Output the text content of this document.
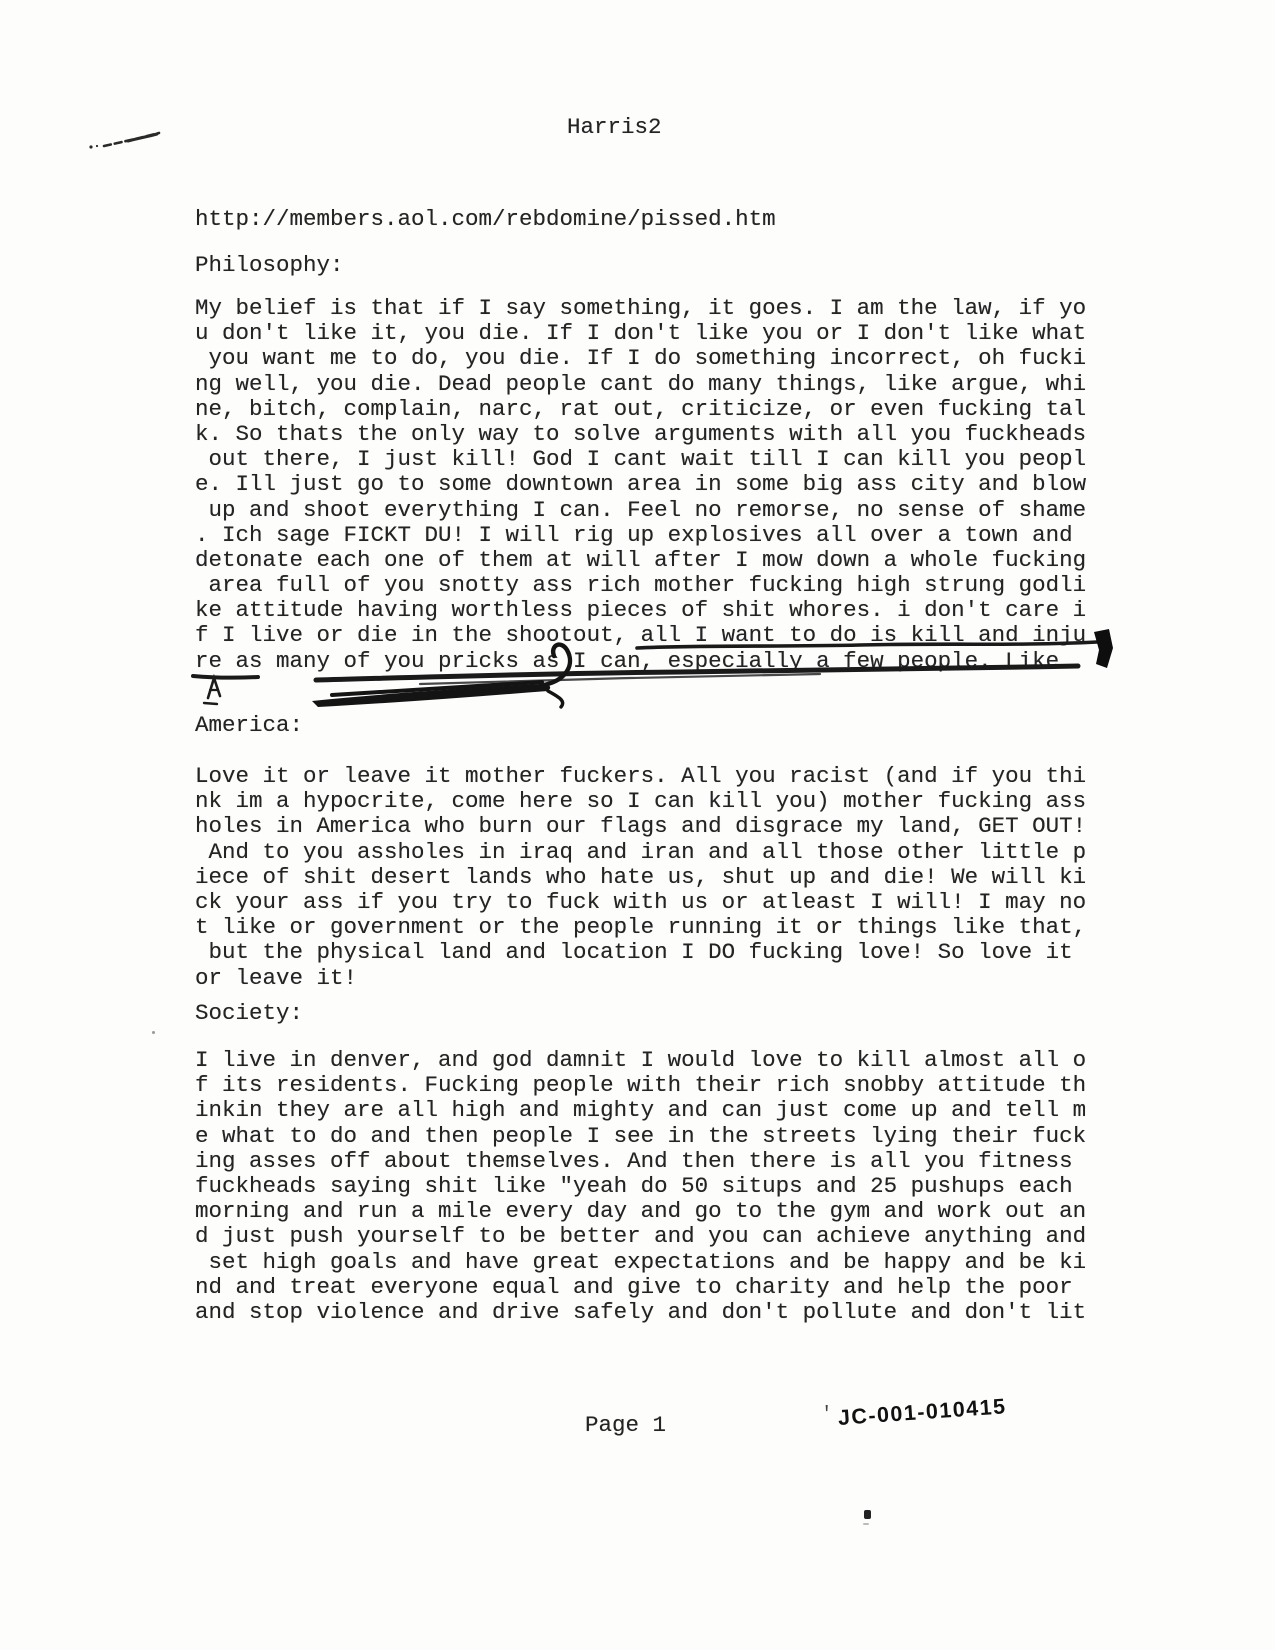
Harris2
http://members.aol.com/rebdomine/pissed.htm
Philosophy:
My belief is that if I say something, it goes. I am the law, if yo
u don't like it, you die. If I don't like you or I don't like what
you want me to do, you die. If I do something incorrect, oh fucki
ng well, you die. Dead people cant do many things, like argue, whi
ne, bitch, complain, narc, rat out, criticize, or even fucking tal
k. So thats the only way to solve arguments with all you fuckheads
out there, I just kill! God I cant wait till I can kill you peopl
e. Ill just go to some downtown area in some big ass city and blow
up and shoot everything I can. Feel no remorse, no sense of shame
. Ich sage FICKT DU! I will rig up explosives all over a town and
detonate each one of them at will after I mow down a whole fucking
area full of you snotty ass rich mother fucking high strung godli
ke attitude having worthless pieces of shit whores. i don't care i
f I live or die in the shootout, all I want to do is kill and inju
re as many of you pricks as I can, especially a few people. Like
America:
Love it or leave it mother fuckers. All you racist (and if you thi
nk im a hypocrite, come here so I can kill you) mother fucking ass
holes in America who burn our flags and disgrace my land, GET OUT!
And to you assholes in iraq and iran and all those other little p
iece of shit desert lands who hate us, shut up and die! We will ki
ck your ass if you try to fuck with us or atleast I will! I may no
t like or government or the people running it or things like that,
but the physical land and location I DO fucking love! So love it
or leave it!
Society:
I live in denver, and god damnit I would love to kill almost all o
f its residents. Fucking people with their rich snobby attitude th
inkin they are all high and mighty and can just come up and tell m
e what to do and then people I see in the streets lying their fuck
ing asses off about themselves. And then there is all you fitness
fuckheads saying shit like "yeah do 50 situps and 25 pushups each
morning and run a mile every day and go to the gym and work out an
d just push yourself to be better and you can achieve anything and
set high goals and have great expectations and be happy and be ki
nd and treat everyone equal and give to charity and help the poor
and stop violence and drive safely and don't pollute and don't lit
Page 1	' JC-001-010415
